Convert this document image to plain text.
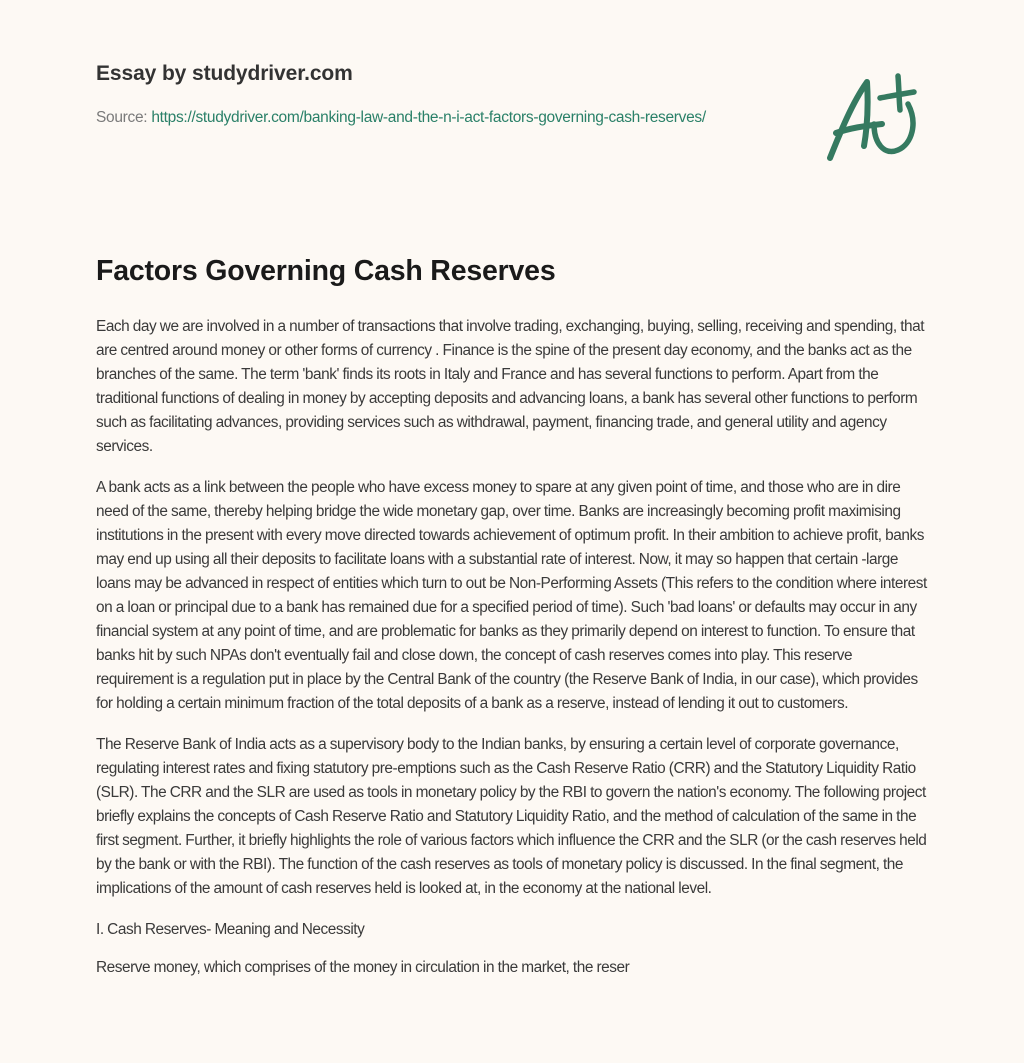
Essay by studydriver.com
Source: https://studydriver.com/banking-law-and-the-n-i-act-factors-governing-cash-reserves/
Factors Governing Cash Reserves

Each day we are involved in a number of transactions that involve trading, exchanging, buying, selling, receiving and spending, that are centred around money or other forms of currency . Finance is the spine of the present day economy, and the banks act as the branches of the same. The term 'bank' finds its roots in Italy and France and has several functions to perform. Apart from the traditional functions of dealing in money by accepting deposits and advancing loans, a bank has several other functions to perform such as facilitating advances, providing services such as withdrawal, payment, financing trade, and general utility and agency services.

A bank acts as a link between the people who have excess money to spare at any given point of time, and those who are in dire need of the same, thereby helping bridge the wide monetary gap, over time. Banks are increasingly becoming profit maximising institutions in the present with every move directed towards achievement of optimum profit. In their ambition to achieve profit, banks may end up using all their deposits to facilitate loans with a substantial rate of interest. Now, it may so happen that certain -large loans may be advanced in respect of entities which turn to out be Non-Performing Assets (This refers to the condition where interest on a loan or principal due to a bank has remained due for a specified period of time). Such 'bad loans' or defaults may occur in any financial system at any point of time, and are problematic for banks as they primarily depend on interest to function. To ensure that banks hit by such NPAs don't eventually fail and close down, the concept of cash reserves comes into play. This reserve requirement is a regulation put in place by the Central Bank of the country (the Reserve Bank of India, in our case), which provides for holding a certain minimum fraction of the total deposits of a bank as a reserve, instead of lending it out to customers.

The Reserve Bank of India acts as a supervisory body to the Indian banks, by ensuring a certain level of corporate governance, regulating interest rates and fixing statutory pre-emptions such as the Cash Reserve Ratio (CRR) and the Statutory Liquidity Ratio (SLR). The CRR and the SLR are used as tools in monetary policy by the RBI to govern the nation's economy. The following project briefly explains the concepts of Cash Reserve Ratio and Statutory Liquidity Ratio, and the method of calculation of the same in the first segment. Further, it briefly highlights the role of various factors which influence the CRR and the SLR (or the cash reserves held by the bank or with the RBI). The function of the cash reserves as tools of monetary policy is discussed. In the final segment, the implications of the amount of cash reserves held is looked at, in the economy at the national level.

I. Cash Reserves- Meaning and Necessity

Reserve money, which comprises of the money in circulation in the market, the reser
